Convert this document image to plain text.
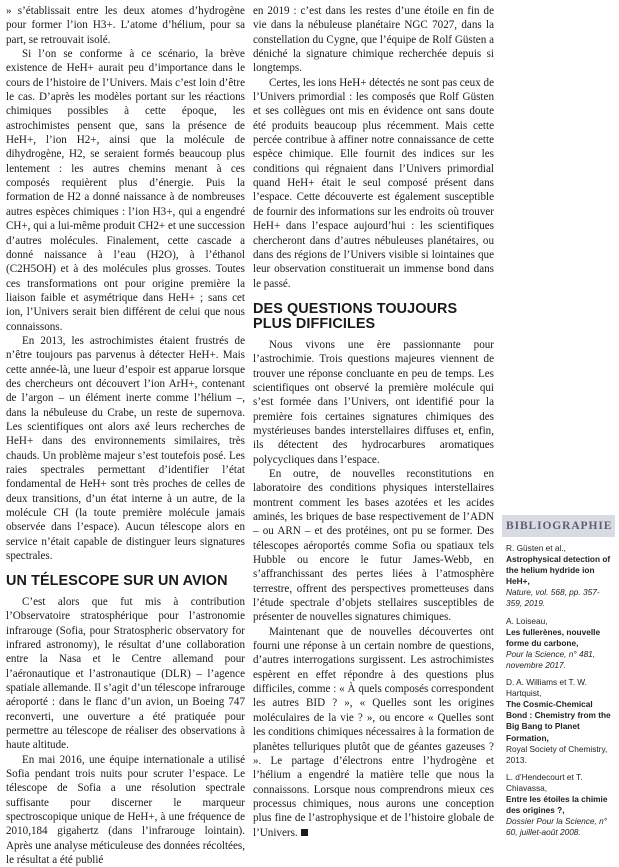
» s’établissait entre les deux atomes d’hydrogène pour former l’ion H3+. L’atome d’hélium, pour sa part, se retrouvait isolé.

Si l’on se conforme à ce scénario, la brève existence de HeH+ aurait peu d’importance dans le cours de l’histoire de l’Univers. Mais c’est loin d’être le cas. D’après les modèles portant sur les réactions chimiques possibles à cette époque, les astrochimistes pensent que, sans la présence de HeH+, l’ion H2+, ainsi que la molécule de dihydrogène, H2, se seraient formés beaucoup plus lentement : les autres chemins menant à ces composés requièrent plus d’énergie. Puis la formation de H2 a donné naissance à de nombreuses autres espèces chimiques : l’ion H3+, qui a engendré CH+, qui a lui-même produit CH2+ et une succession d’autres molécules. Finalement, cette cascade a donné naissance à l’eau (H2O), à l’éthanol (C2H5OH) et à des molécules plus grosses. Toutes ces transformations ont pour origine première la liaison faible et asymétrique dans HeH+ ; sans cet ion, l’Univers serait bien différent de celui que nous connaissons.

En 2013, les astrochimistes étaient frustrés de n’être toujours pas parvenus à détecter HeH+. Mais cette année-là, une lueur d’espoir est apparue lorsque des chercheurs ont découvert l’ion ArH+, contenant de l’argon – un élément inerte comme l’hélium –, dans la nébuleuse du Crabe, un reste de supernova. Les scientifiques ont alors axé leurs recherches de HeH+ dans des environnements similaires, très chauds. Un problème majeur s’est toutefois posé. Les raies spectrales permettant d’identifier l’état fondamental de HeH+ sont très proches de celles de deux transitions, d’un état interne à un autre, de la molécule CH (la toute première molécule jamais observée dans l’espace). Aucun télescope alors en service n’était capable de distinguer leurs signatures spectrales.

UN TÉLESCOPE SUR UN AVION

C’est alors que fut mis à contribution l’Observatoire stratosphérique pour l’astronomie infrarouge (Sofia, pour Stratospheric observatory for infrared astronomy), le résultat d’une collaboration entre la Nasa et le Centre allemand pour l’aéronautique et l’astronautique (DLR) – l’agence spatiale allemande. Il s’agit d’un télescope infrarouge aéroporté : dans le flanc d’un avion, un Boeing 747 reconverti, une ouverture a été pratiquée pour permettre au télescope de réaliser des observations à haute altitude.

En mai 2016, une équipe internationale a utilisé Sofia pendant trois nuits pour scruter l’espace. Le télescope de Sofia a une résolution spectrale suffisante pour discerner le marqueur spectroscopique unique de HeH+, à une fréquence de 2010,184 gigahertz (dans l’infrarouge lointain). Après une analyse méticuleuse des données récoltées, le résultat a été publié

en 2019 : c’est dans les restes d’une étoile en fin de vie dans la nébuleuse planétaire NGC 7027, dans la constellation du Cygne, que l’équipe de Rolf Güsten a déniché la signature chimique recherchée depuis si longtemps.

Certes, les ions HeH+ détectés ne sont pas ceux de l’Univers primordial : les composés que Rolf Güsten et ses collègues ont mis en évidence ont sans doute été produits beaucoup plus récemment. Mais cette percée contribue à affiner notre connaissance de cette espèce chimique. Elle fournit des indices sur les conditions qui régnaient dans l’Univers primordial quand HeH+ était le seul composé présent dans l’espace. Cette découverte est également susceptible de fournir des informations sur les endroits où trouver HeH+ dans l’espace aujourd’hui : les scientifiques chercheront dans d’autres nébuleuses planétaires, ou dans des régions de l’Univers visible si lointaines que leur observation constituerait un immense bond dans le passé.

DES QUESTIONS TOUJOURS PLUS DIFFICILES

Nous vivons une ère passionnante pour l’astrochimie. Trois questions majeures viennent de trouver une réponse concluante en peu de temps. Les scientifiques ont observé la première molécule qui s’est formée dans l’Univers, ont identifié pour la première fois certaines signatures chimiques des mystérieuses bandes interstellaires diffuses et, enfin, ils détectent des hydrocarbures aromatiques polycycliques dans l’espace.

En outre, de nouvelles reconstitutions en laboratoire des conditions physiques interstellaires montrent comment les bases azotées et les acides aminés, les briques de base respectivement de l’ADN – ou ARN – et des protéines, ont pu se former. Des télescopes aéroportés comme Sofia ou spatiaux tels Hubble ou encore le futur James-Webb, en s’affranchissant des pertes liées à l’atmosphère terrestre, offrent des perspectives prometteuses dans l’étude spectrale d’objets stellaires susceptibles de présenter de nouvelles signatures chimiques.

Maintenant que de nouvelles découvertes ont fourni une réponse à un certain nombre de questions, d’autres interrogations surgissent. Les astrochimistes espèrent en effet répondre à des questions plus difficiles, comme : « À quels composés correspondent les autres BID ? », « Quelles sont les origines moléculaires de la vie ? », ou encore « Quelles sont les conditions chimiques nécessaires à la formation de planètes telluriques plutôt que de géantes gazeuses ? ». Le partage d’électrons entre l’hydrogène et l’hélium a engendré la matière telle que nous la connaissons. Lorsque nous comprendrons mieux ces processus chimiques, nous aurons une conception plus fine de l’astrophysique et de l’histoire globale de l’Univers.

BIBLIOGRAPHIE
R. Güsten et al.,
Astrophysical detection of the helium hydride ion HeH+,
Nature, vol. 568, pp. 357-359, 2019.
A. Loiseau,
Les fullerènes, nouvelle forme du carbone,
Pour la Science, n° 481, novembre 2017.
D. A. Williams et T. W. Hartquist,
The Cosmic-Chemical Bond : Chemistry from the Big Bang to Planet Formation,
Royal Society of Chemistry, 2013.
L. d’Hendecourt et T. Chiavassa,
Entre les étoiles la chimie des origines ?,
Dossier Pour la Science, n° 60, juillet-août 2008.
